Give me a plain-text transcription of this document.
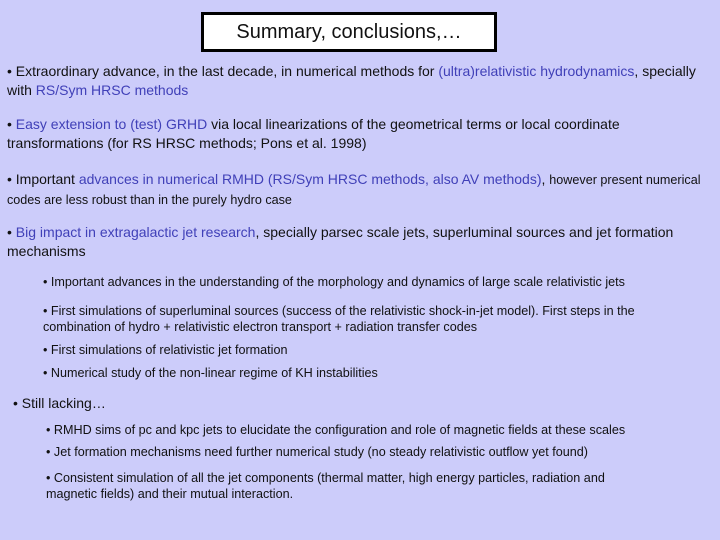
Summary, conclusions,…

• Extraordinary advance, in the last decade, in numerical methods for (ultra)relativistic hydrodynamics, specially with RS/Sym HRSC methods

• Easy extension to (test) GRHD via local linearizations of the geometrical terms or local coordinate transformations (for RS HRSC methods; Pons et al. 1998)

• Important advances in numerical RMHD (RS/Sym HRSC methods, also AV methods), however present numerical codes are less robust than in the purely hydro case

• Big impact in extragalactic jet research, specially parsec scale jets, superluminal sources and jet formation mechanisms

• Important advances in the understanding of the morphology and dynamics of large scale relativistic jets

• First simulations of superluminal sources (success of the relativistic shock-in-jet model). First steps in the combination of hydro + relativistic electron transport + radiation transfer codes

• First simulations of relativistic jet formation

• Numerical study of the non-linear regime of KH instabilities

• Still lacking…

• RMHD sims of pc and kpc jets to elucidate the configuration and role of magnetic fields at these scales

• Jet formation mechanisms need further numerical study (no steady relativistic outflow yet found)

• Consistent simulation of all the jet components (thermal matter, high energy particles, radiation and magnetic fields) and their mutual interaction.
